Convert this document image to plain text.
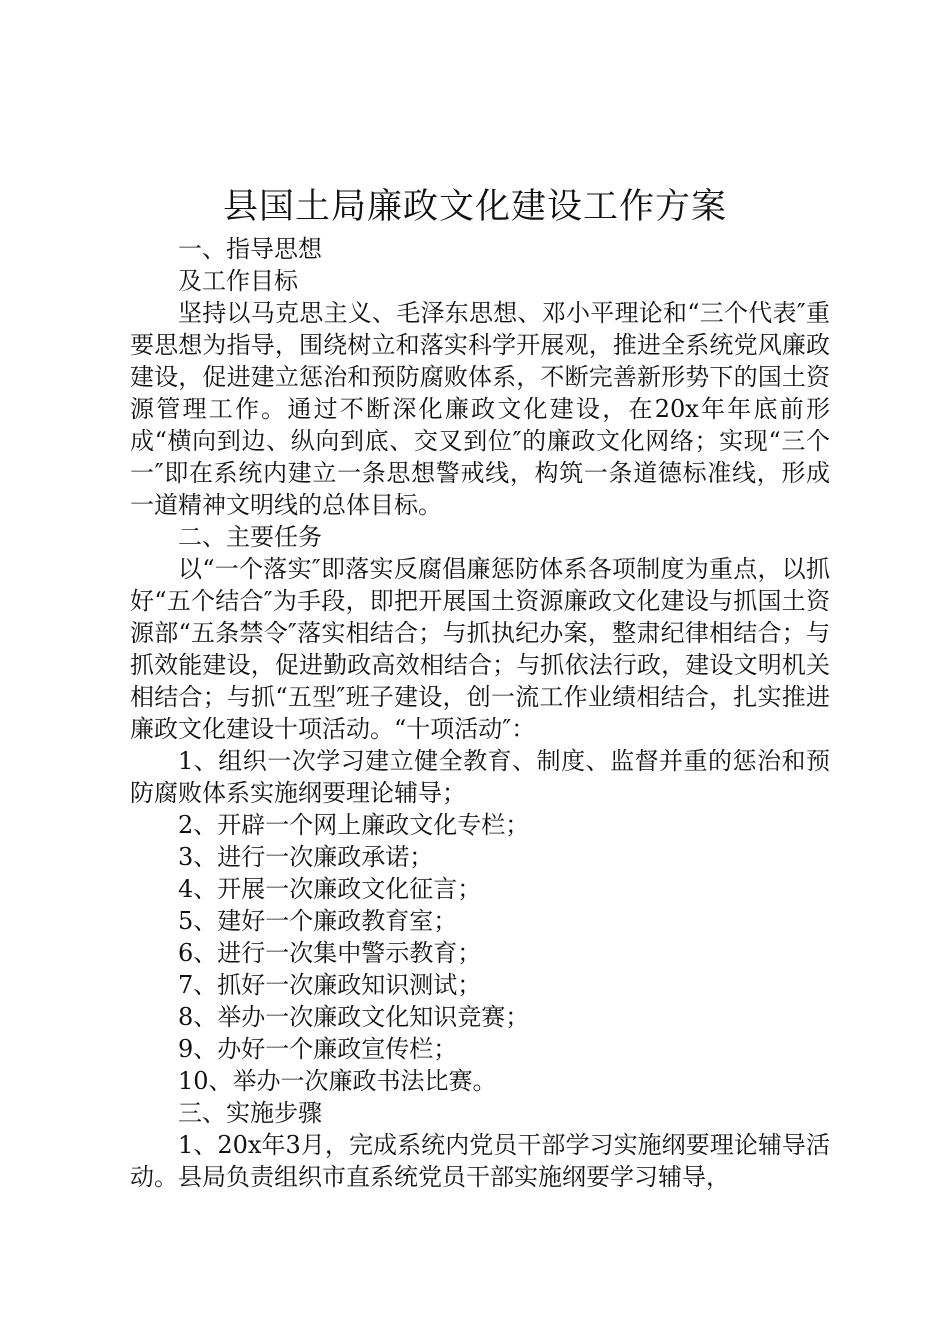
县国土局廉政文化建设工作方案

一、指导思想

及工作目标

坚持以马克思主义、毛泽东思想、邓小平理论和“三个代表″重要思想为指导，围绕树立和落实科学开展观，推进全系统党风廉政建设，促进建立惩治和预防腐败体系，不断完善新形势下的国土资源管理工作。通过不断深化廉政文化建设，在20x年年底前形成“横向到边、纵向到底、交叉到位″的廉政文化网络；实现“三个一″即在系统内建立一条思想警戒线，构筑一条道德标准线，形成一道精神文明线的总体目标。

二、主要任务

以“一个落实″即落实反腐倡廉惩防体系各项制度为重点，以抓好“五个结合″为手段，即把开展国土资源廉政文化建设与抓国土资源部“五条禁令″落实相结合；与抓执纪办案，整肃纪律相结合；与抓效能建设，促进勤政高效相结合；与抓依法行政，建设文明机关相结合；与抓“五型″班子建设，创一流工作业绩相结合，扎实推进廉政文化建设十项活动。“十项活动″：

1、组织一次学习建立健全教育、制度、监督并重的惩治和预防腐败体系实施纲要理论辅导；

2、开辟一个网上廉政文化专栏；

3、进行一次廉政承诺；

4、开展一次廉政文化征言；

5、建好一个廉政教育室；

6、进行一次集中警示教育；

7、抓好一次廉政知识测试；

8、举办一次廉政文化知识竞赛；

9、办好一个廉政宣传栏；

10、举办一次廉政书法比赛。

三、实施步骤

1、20x年3月，完成系统内党员干部学习实施纲要理论辅导活动。县局负责组织市直系统党员干部实施纲要学习辅导，
